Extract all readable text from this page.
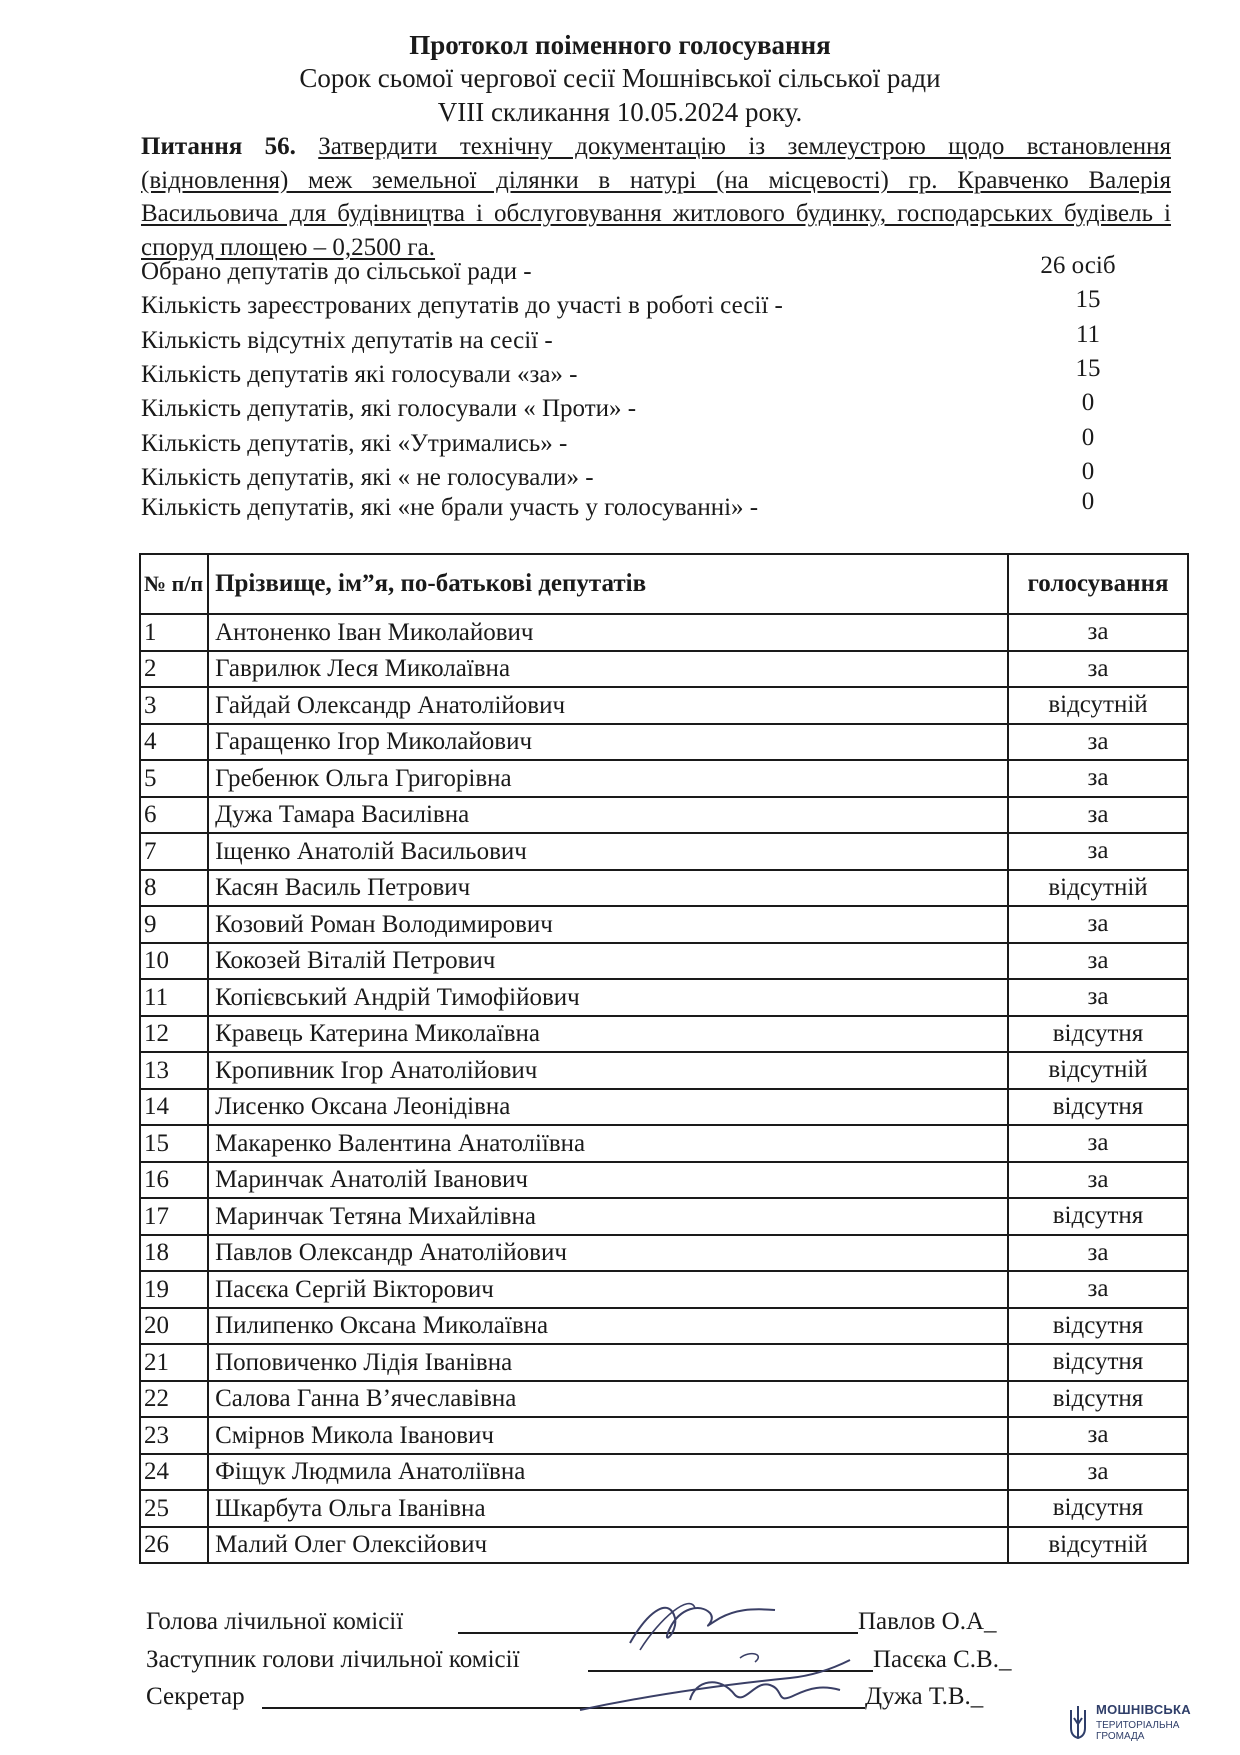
Протокол поіменного голосування
Сорок сьомої чергової сесії Мошнівської сільської ради
VIII скликання 10.05.2024 року.
Питання 56. Затвердити технічну документацію із землеустрою щодо встановлення (відновлення) меж земельної ділянки в натурі (на місцевості) гр. Кравченко Валерія Васильовича для будівництва і обслуговування житлового будинку, господарських будівель і споруд площею – 0,2500 га.
Обрано депутатів до сільської ради -	26 осіб
Кількість зареєстрованих депутатів до участі в роботі сесії -	15
Кількість відсутніх депутатів на сесії -	11
Кількість депутатів які голосували «за» -	15
Кількість депутатів, які голосували « Проти» -	0
Кількість депутатів, які «Утримались» -	0
Кількість депутатів, які « не голосували» -	0
Кількість депутатів, які «не брали участь у голосуванні» -	0
№ п/п	Прізвище, ім”я, по-батькові депутатів	голосування
1	Антоненко Іван Миколайович	за
2	Гаврилюк Леся Миколаївна	за
3	Гайдай Олександр Анатолійович	відсутній
4	Гаращенко Ігор Миколайович	за
5	Гребенюк Ольга Григорівна	за
6	Дужа Тамара Василівна	за
7	Іщенко Анатолій Васильович	за
8	Касян Василь Петрович	відсутній
9	Козовий Роман Володимирович	за
10	Кокозей Віталій Петрович	за
11	Копієвський Андрій Тимофійович	за
12	Кравець Катерина Миколаївна	відсутня
13	Кропивник Ігор Анатолійович	відсутній
14	Лисенко Оксана Леонідівна	відсутня
15	Макаренко Валентина Анатоліївна	за
16	Маринчак Анатолій Іванович	за
17	Маринчак Тетяна Михайлівна	відсутня
18	Павлов Олександр Анатолійович	за
19	Пасєка Сергій Вікторович	за
20	Пилипенко Оксана Миколаївна	відсутня
21	Поповиченко Лідія Іванівна	відсутня
22	Салова Ганна В’ячеславівна	відсутня
23	Смірнов Микола Іванович	за
24	Фіщук Людмила Анатоліївна	за
25	Шкарбута Ольга Іванівна	відсутня
26	Малий Олег Олексійович	відсутній
Голова лічильної комісії	Павлов О.А_
Заступник голови лічильної комісії	Пасєка С.В._
Секретар	Дужа Т.В._	МОШНІВСЬКА
ТЕРИТОРІАЛЬНА
ГРОМАДА
